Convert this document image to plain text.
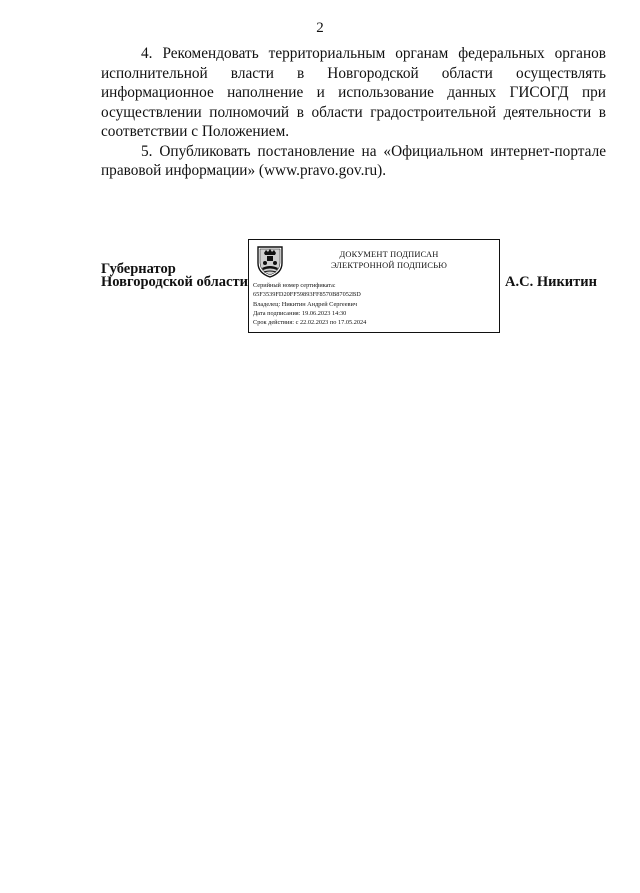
2

4. Рекомендовать территориальным органам федеральных органов исполнительной власти в Новгородской области осуществлять информационное наполнение и использование данных ГИСОГД при осуществлении полномочий в области градостроительной деятельности в соответствии с Положением.

5. Опубликовать постановление на «Официальном интернет-портале правовой информации» (www.pravo.gov.ru).

Губернатор
Новгородской области
ДОКУМЕНТ ПОДПИСАН
ЭЛЕКТРОННОЙ ПОДПИСЬЮ
Серийный номер сертификата:
65F3539FD20FF59893FF8570B87052BD
Владелец: Никитин Андрей Сергеевич
Дата подписания: 19.06.2023 14:30
Срок действия: с 22.02.2023 по 17.05.2024
А.С. Никитин
